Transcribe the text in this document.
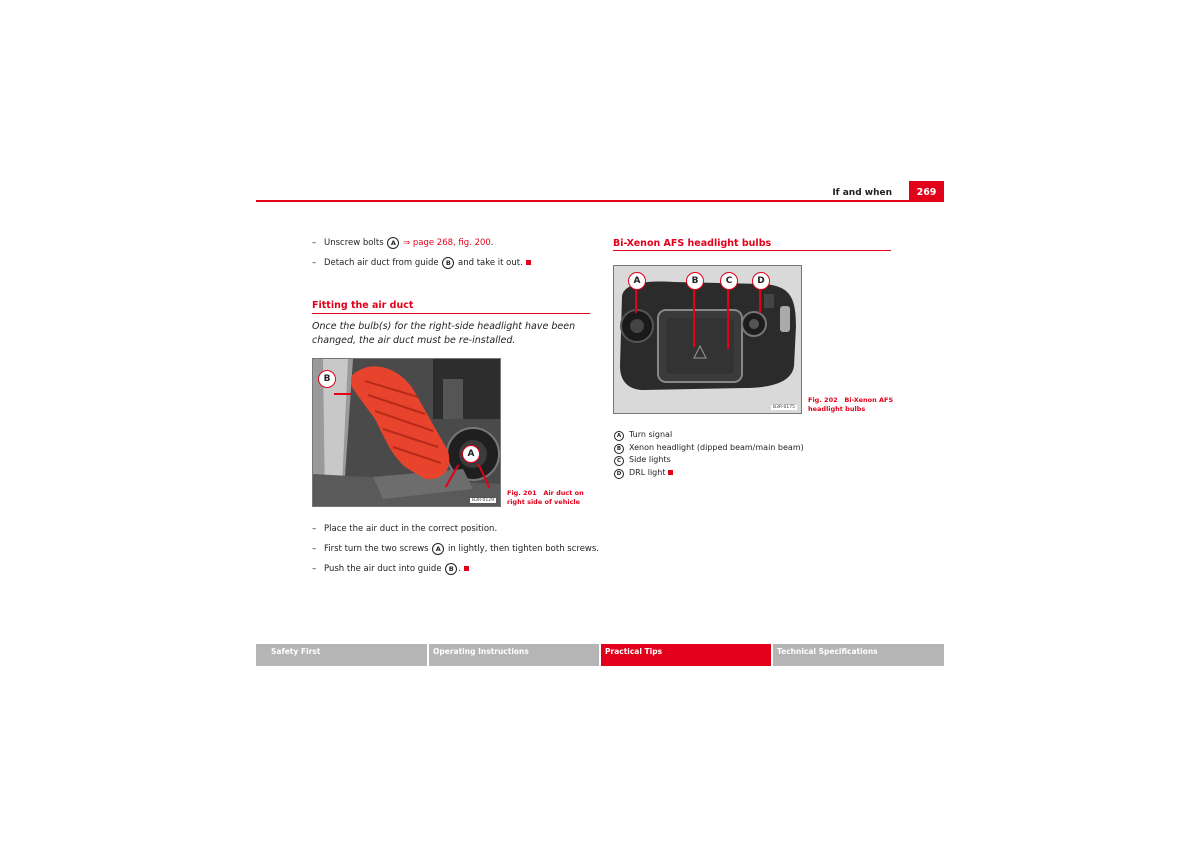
If and when	269
– Unscrew bolts A ⇒ page 268, fig. 200.
– Detach air duct from guide B and take it out.
Fitting the air duct
Once the bulb(s) for the right-side headlight have been changed, the air duct must be re-installed.
B
A
B3R-0129
Fig. 201 Air duct on right side of vehicle
– Place the air duct in the correct position.
– First turn the two screws A in lightly, then tighten both screws.
– Push the air duct into guide B .
Bi-Xenon AFS headlight bulbs
A	B	C	D
B3R-0175
Fig. 202 Bi-Xenon AFS headlight bulbs
A Turn signal
B Xenon headlight (dipped beam/main beam)
C Side lights
D DRL light
Safety First	Operating Instructions	Practical Tips	Technical Specifications
